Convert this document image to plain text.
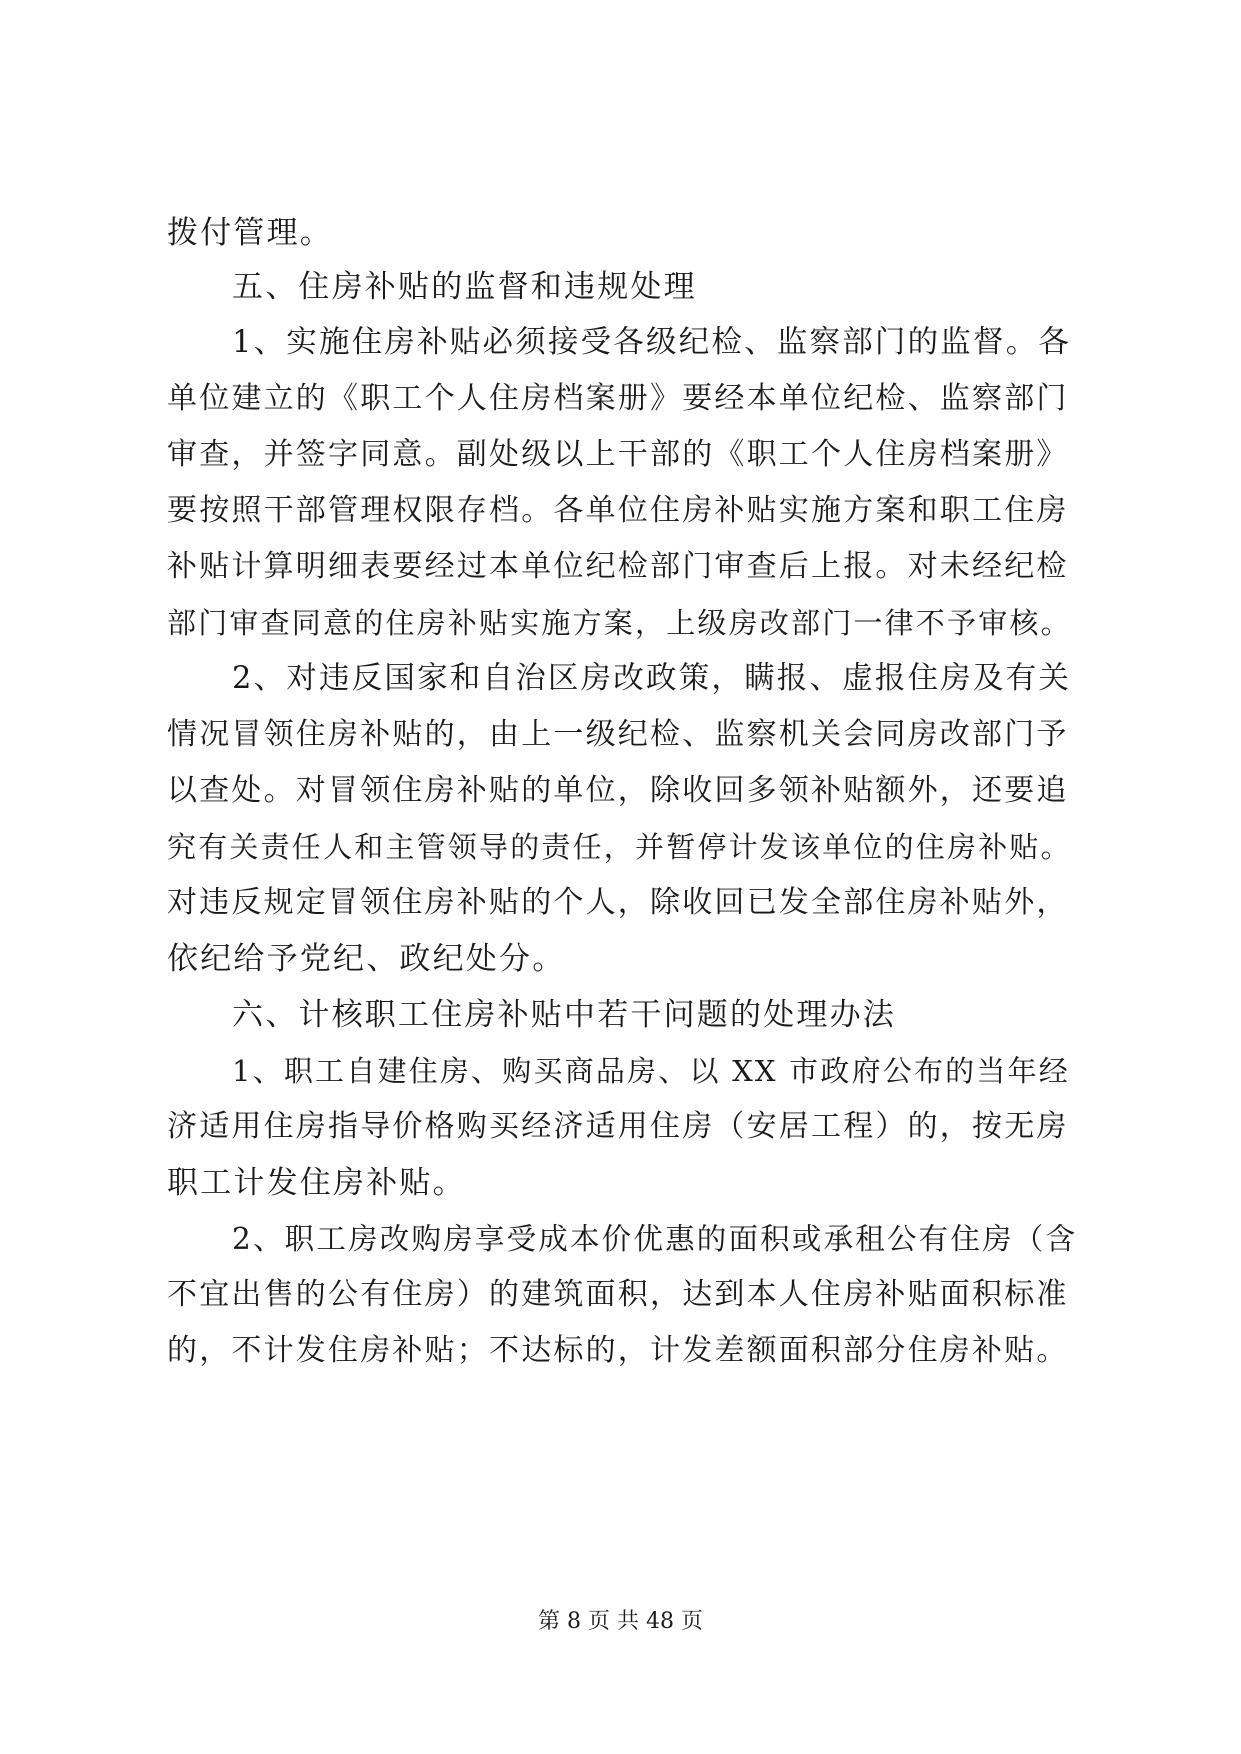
拨付管理。
五、住房补贴的监督和违规处理
1、实施住房补贴必须接受各级纪检、监察部门的监督。各
单位建立的《职工个人住房档案册》要经本单位纪检、监察部门
审查，并签字同意。副处级以上干部的《职工个人住房档案册》
要按照干部管理权限存档。各单位住房补贴实施方案和职工住房
补贴计算明细表要经过本单位纪检部门审查后上报。对未经纪检
部门审查同意的住房补贴实施方案，上级房改部门一律不予审核。
2、对违反国家和自治区房改政策，瞒报、虚报住房及有关
情况冒领住房补贴的，由上一级纪检、监察机关会同房改部门予
以查处。对冒领住房补贴的单位，除收回多领补贴额外，还要追
究有关责任人和主管领导的责任，并暂停计发该单位的住房补贴。
对违反规定冒领住房补贴的个人，除收回已发全部住房补贴外，
依纪给予党纪、政纪处分。
六、计核职工住房补贴中若干问题的处理办法
1、职工自建住房、购买商品房、以 XX 市政府公布的当年经
济适用住房指导价格购买经济适用住房（安居工程）的，按无房
职工计发住房补贴。
2、职工房改购房享受成本价优惠的面积或承租公有住房（含
不宜出售的公有住房）的建筑面积，达到本人住房补贴面积标准
的，不计发住房补贴；不达标的，计发差额面积部分住房补贴。
第 8 页 共 48 页
